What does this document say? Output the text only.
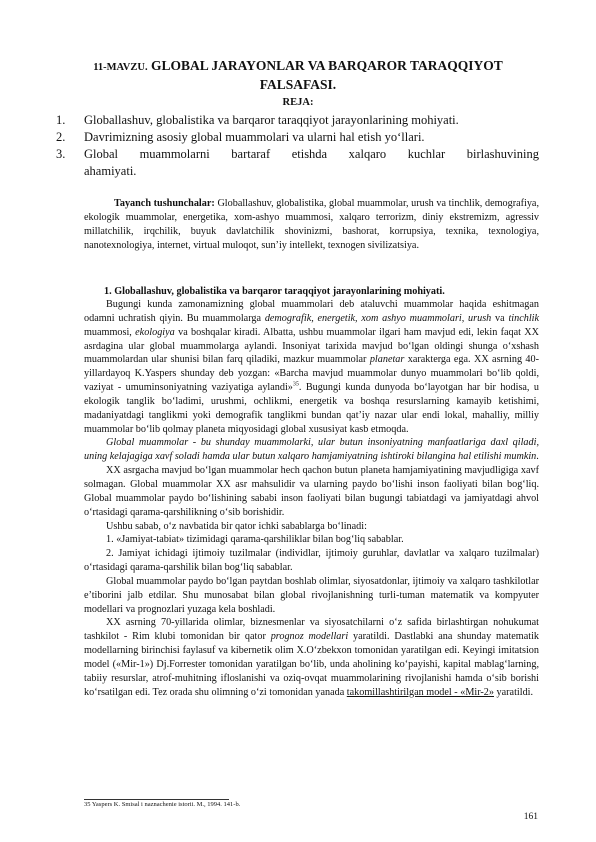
11-MAVZU. GLOBAL JARAYONLAR VA BARQAROR TARAQQIYOT FALSAFASI.
REJA:
1. Globallashuv, globalistika va barqaror taraqqiyot jarayonlarining mohiyati.
2. Davrimizning asosiy global muammolari va ularni hal etish yo‘llari.
3. Global muammolarni bartaraf etishda xalqaro kuchlar birlashuvining
ahamiyati.
Tayanch tushunchalar: Globallashuv, globalistika, global muammolar, urush va tinchlik, demografiya, ekologik muammolar, energetika, xom-ashyo muammosi, xalqaro terrorizm, diniy ekstremizm, agressiv millatchilik, irqchilik, buyuk davlatchilik shovinizmi, bashorat, korrupsiya, texnika, texnologiya, nanotexnologiya, internet, virtual muloqot, sun’iy intellekt, texnogen sivilizatsiya.
1. Globallashuv, globalistika va barqaror taraqqiyot jarayonlarining mohiyati.

Bugungi kunda zamonamizning global muammolari deb ataluvchi muammolar haqida eshitmagan odamni uchratish qiyin. Bu muammolarga demografik, energetik, xom ashyo muammolari, urush va tinchlik muammosi, ekologiya va boshqalar kiradi. Albatta, ushbu muammolar ilgari ham mavjud edi, lekin faqat XX asrdagina ular global muammolarga aylandi. Insoniyat tarixida mavjud bo‘lgan oldingi shunga o‘xshash muammolardan ular shunisi bilan farq qiladiki, mazkur muammolar planetar xarakterga ega. XX asrning 40-yillardayoq K.Yaspers shunday deb yozgan: «Barcha mavjud muammolar dunyo muammolari bo‘lib qoldi, vaziyat - umuminsoniyatning vaziyatiga aylandi»$^{35}$. Bugungi kunda dunyoda bo‘layotgan har bir hodisa, u ekologik tanglik bo‘ladimi, urushmi, ochlikmi, energetik va boshqa resurslarning kamayib ketishimi, madaniyatdagi tanglikmi yoki demografik tanglikmi bundan qat’iy nazar ular endi lokal, mahalliy, milliy muammolar bo‘lib qolmay planeta miqyosidagi global xususiyat kasb etmoqda.

Global muammolar - bu shunday muammolarki, ular butun insoniyatning manfaatlariga daxl qiladi, uning kelajagiga xavf soladi hamda ular butun xalqaro hamjamiyatning ishtiroki bilangina hal etilishi mumkin.

XX asrgacha mavjud bo‘lgan muammolar hech qachon butun planeta hamjamiyatining mavjudligiga xavf solmagan. Global muammolar XX asr mahsulidir va ularning paydo bo‘lishi inson faoliyati bilan bog‘liq. Global muammolar paydo bo‘lishining sababi inson faoliyati bilan bugungi tabiatdagi va jamiyatdagi ahvol o‘rtasidagi qarama-qarshilikning o‘sib borishidir.

Ushbu sabab, o‘z navbatida bir qator ichki sabablarga bo‘linadi:

1. «Jamiyat-tabiat» tizimidagi qarama-qarshiliklar bilan bog‘liq sabablar.

2. Jamiyat ichidagi ijtimoiy tuzilmalar (individlar, ijtimoiy guruhlar, davlatlar va xalqaro tuzilmalar) o‘rtasidagi qarama-qarshilik bilan bog‘liq sabablar.

Global muammolar paydo bo‘lgan paytdan boshlab olimlar, siyosatdonlar, ijtimoiy va xalqaro tashkilotlar e’tiborini jalb etdilar. Shu munosabat bilan global rivojlanishning turli-tuman matematik va kompyuter modellari va prognozlari yuzaga kela boshladi.

XX asrning 70-yillarida olimlar, biznesmenlar va siyosatchilarni o‘z safida birlashtirgan nohukumat tashkilot - Rim klubi tomonidan bir qator prognoz modellari yaratildi. Dastlabki ana shunday matematik modellarning birinchisi faylasuf va kibernetik olim X.O‘zbekxon tomonidan yaratilgan edi. Keyingi imitatsion model («Mir-1») Dj.Forrester tomonidan yaratilgan bo‘lib, unda aholining ko‘payishi, kapital mablag‘larning, tabiiy resurslar, atrof-muhitning ifloslanishi va oziq-ovqat muammolarining rivojlanishi hamda o‘sib borishi ko‘rsatilgan edi. Tez orada shu olimning o‘zi tomonidan yanada takomillashtirilgan model - «Mir-2» yaratildi.

35 Yaspers K. Smisal i naznachenie istorii. M., 1994. 141-b.
161
